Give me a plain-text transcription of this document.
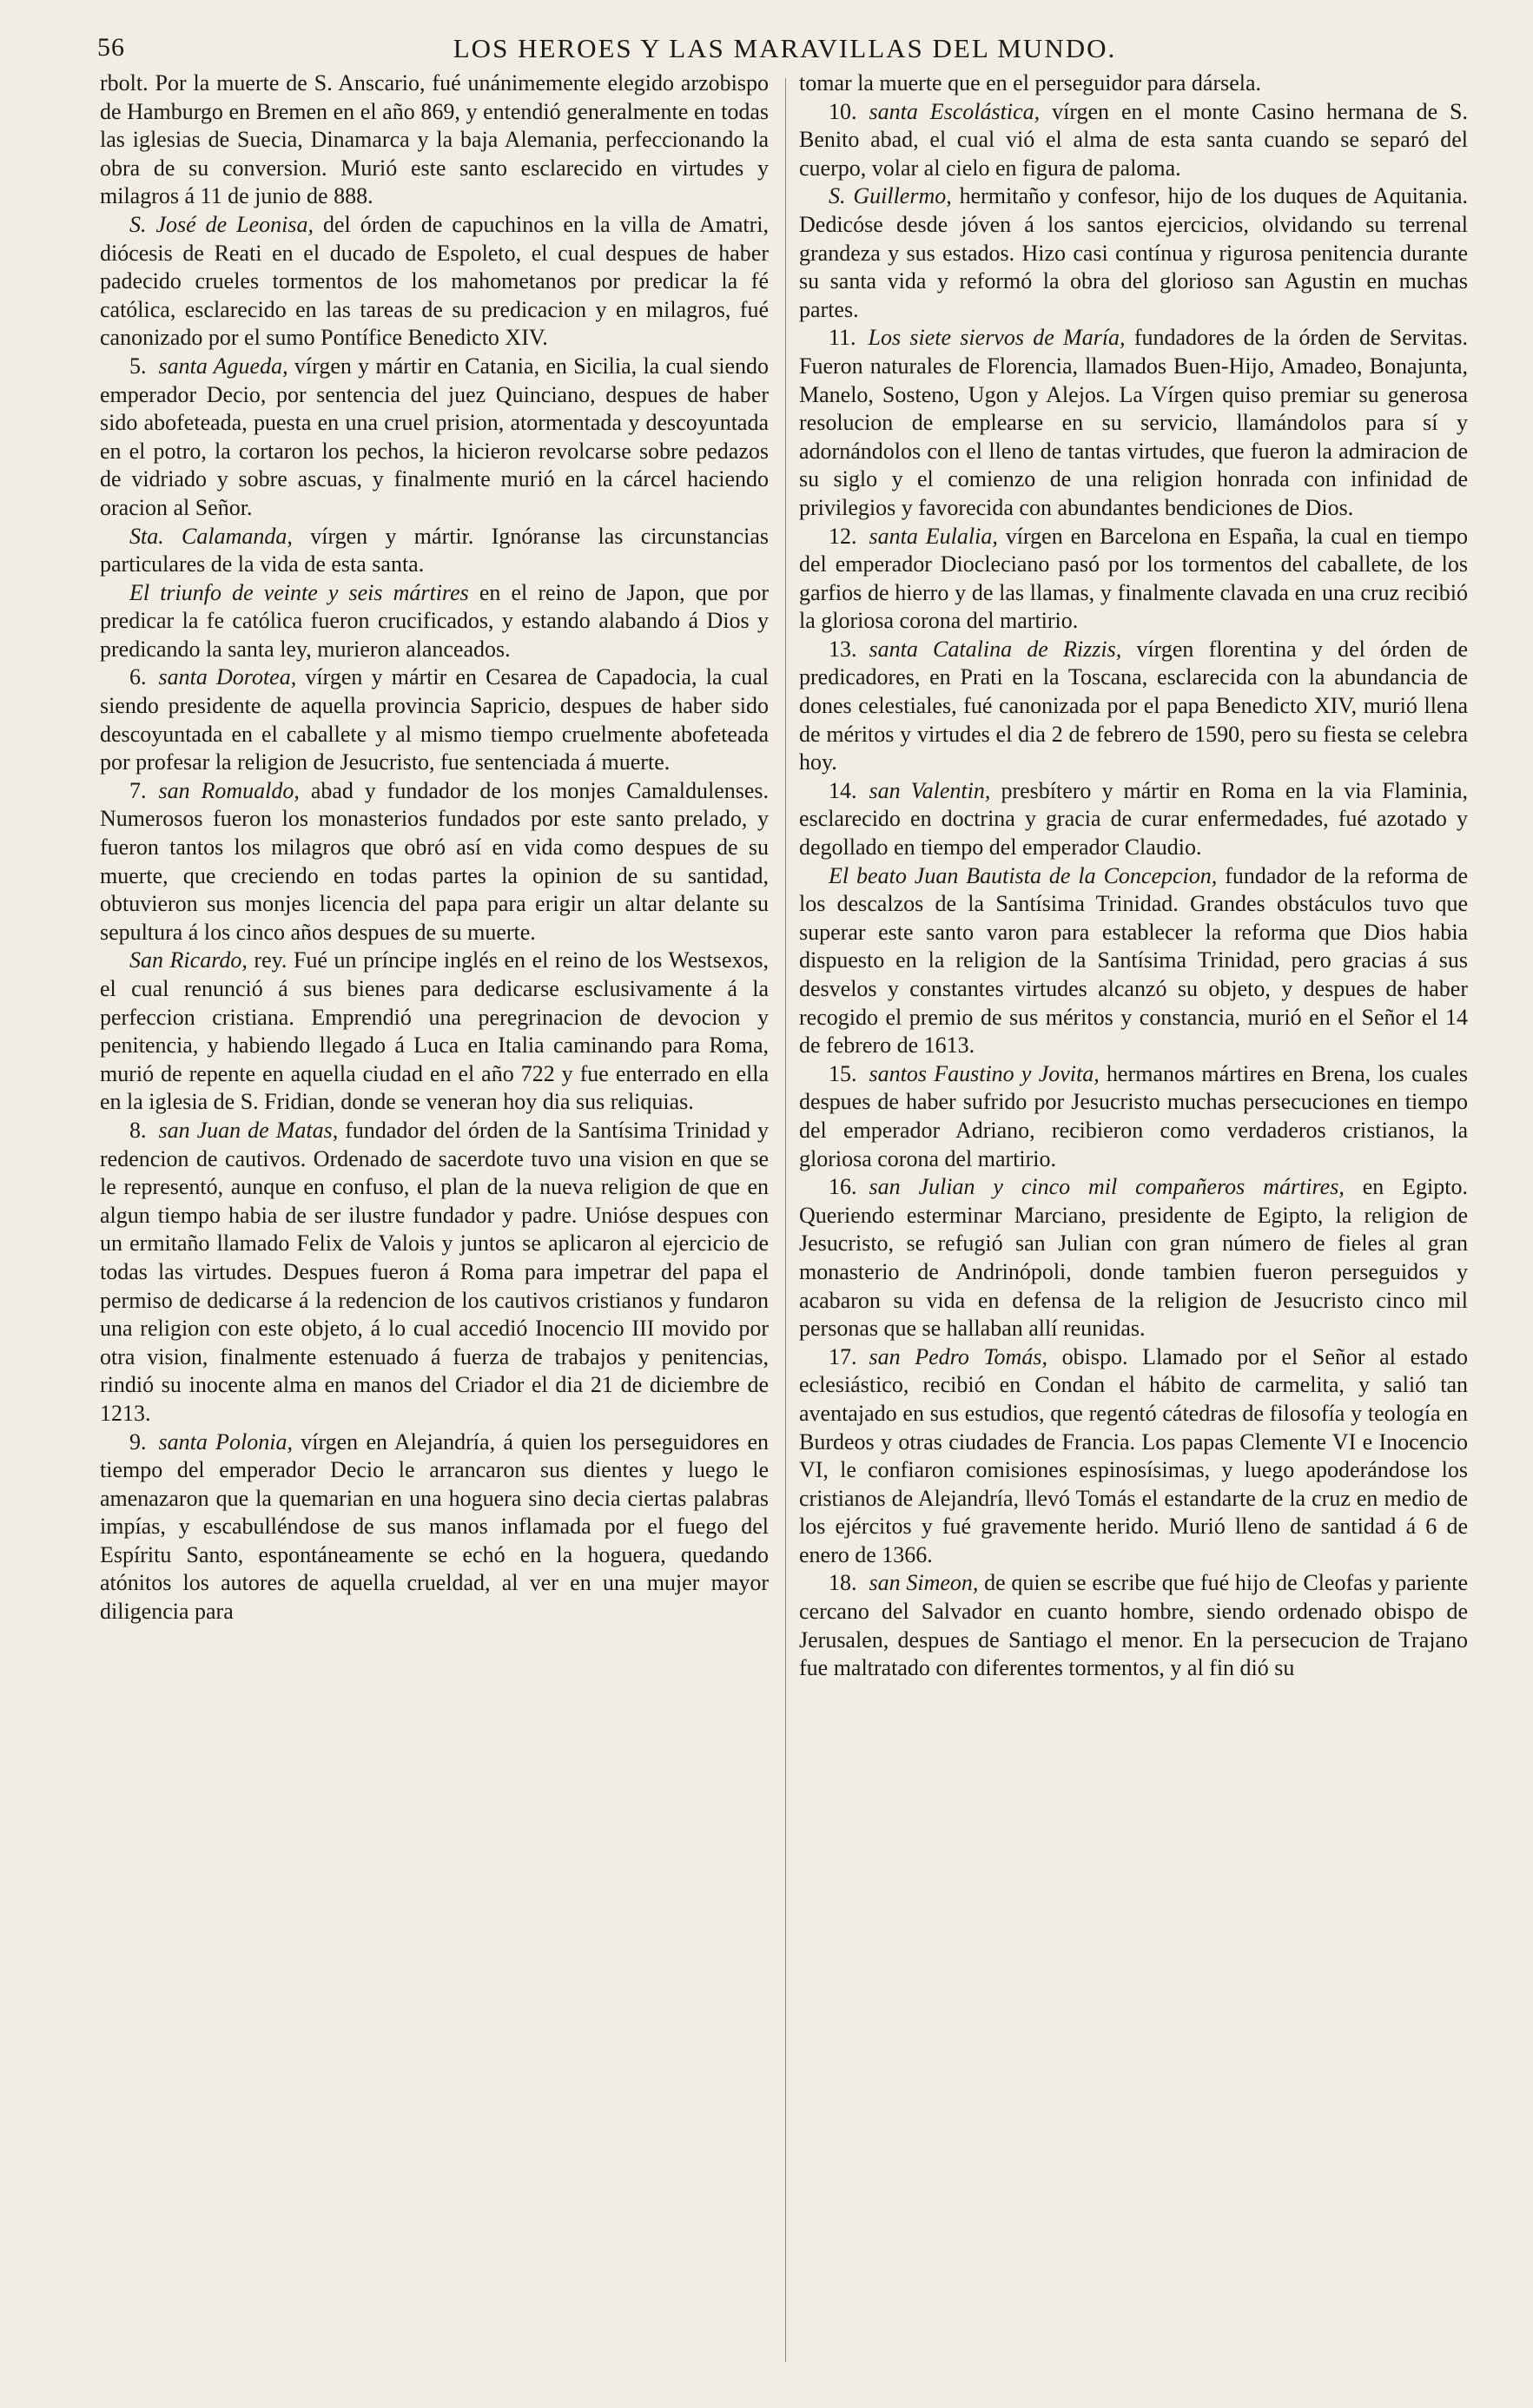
56	LOS HEROES Y LAS MARAVILLAS DEL MUNDO.

rbolt. Por la muerte de S. Anscario, fué unánimemente elegido arzobispo de Hamburgo en Bremen en el año 869, y entendió generalmente en todas las iglesias de Suecia, Dinamarca y la baja Alemania, perfeccionando la obra de su conversion. Murió este santo esclarecido en virtudes y milagros á 11 de junio de 888.

S. José de Leonisa, del órden de capuchinos en la villa de Amatri, diócesis de Reati en el ducado de Espoleto, el cual despues de haber padecido crueles tormentos de los mahometanos por predicar la fé católica, esclarecido en las tareas de su predicacion y en milagros, fué canonizado por el sumo Pontífice Benedicto XIV.

5. santa Agueda, vírgen y mártir en Catania, en Sicilia, la cual siendo emperador Decio, por sentencia del juez Quinciano, despues de haber sido abofeteada, puesta en una cruel prision, atormentada y descoyuntada en el potro, la cortaron los pechos, la hicieron revolcarse sobre pedazos de vidriado y sobre ascuas, y finalmente murió en la cárcel haciendo oracion al Señor.

Sta. Calamanda, vírgen y mártir. Ignóranse las circunstancias particulares de la vida de esta santa.

El triunfo de veinte y seis mártires en el reino de Japon, que por predicar la fe católica fueron crucificados, y estando alabando á Dios y predicando la santa ley, murieron alanceados.

6. santa Dorotea, vírgen y mártir en Cesarea de Capadocia, la cual siendo presidente de aquella provincia Sapricio, despues de haber sido descoyuntada en el caballete y al mismo tiempo cruelmente abofeteada por profesar la religion de Jesucristo, fue sentenciada á muerte.

7. san Romualdo, abad y fundador de los monjes Camaldulenses. Numerosos fueron los monasterios fundados por este santo prelado, y fueron tantos los milagros que obró así en vida como despues de su muerte, que creciendo en todas partes la opinion de su santidad, obtuvieron sus monjes licencia del papa para erigir un altar delante su sepultura á los cinco años despues de su muerte.

San Ricardo, rey. Fué un príncipe inglés en el reino de los Westsexos, el cual renunció á sus bienes para dedicarse esclusivamente á la perfeccion cristiana. Emprendió una peregrinacion de devocion y penitencia, y habiendo llegado á Luca en Italia caminando para Roma, murió de repente en aquella ciudad en el año 722 y fue enterrado en ella en la iglesia de S. Fridian, donde se veneran hoy dia sus reliquias.

8. san Juan de Matas, fundador del órden de la Santísima Trinidad y redencion de cautivos. Ordenado de sacerdote tuvo una vision en que se le representó, aunque en confuso, el plan de la nueva religion de que en algun tiempo habia de ser ilustre fundador y padre. Unióse despues con un ermitaño llamado Felix de Valois y juntos se aplicaron al ejercicio de todas las virtudes. Despues fueron á Roma para impetrar del papa el permiso de dedicarse á la redencion de los cautivos cristianos y fundaron una religion con este objeto, á lo cual accedió Inocencio III movido por otra vision, finalmente estenuado á fuerza de trabajos y penitencias, rindió su inocente alma en manos del Criador el dia 21 de diciembre de 1213.

9. santa Polonia, vírgen en Alejandría, á quien los perseguidores en tiempo del emperador Decio le arrancaron sus dientes y luego le amenazaron que la quemarian en una hoguera sino decia ciertas palabras impías, y escabulléndose de sus manos inflamada por el fuego del Espíritu Santo, espontáneamente se echó en la hoguera, quedando atónitos los autores de aquella crueldad, al ver en una mujer mayor diligencia para

tomar la muerte que en el perseguidor para dársela.

10. santa Escolástica, vírgen en el monte Casino hermana de S. Benito abad, el cual vió el alma de esta santa cuando se separó del cuerpo, volar al cielo en figura de paloma.

S. Guillermo, hermitaño y confesor, hijo de los duques de Aquitania. Dedicóse desde jóven á los santos ejercicios, olvidando su terrenal grandeza y sus estados. Hizo casi contínua y rigurosa penitencia durante su santa vida y reformó la obra del glorioso san Agustin en muchas partes.

11. Los siete siervos de María, fundadores de la órden de Servitas. Fueron naturales de Florencia, llamados Buen-Hijo, Amadeo, Bonajunta, Manelo, Sosteno, Ugon y Alejos. La Vírgen quiso premiar su generosa resolucion de emplearse en su servicio, llamándolos para sí y adornándolos con el lleno de tantas virtudes, que fueron la admiracion de su siglo y el comienzo de una religion honrada con infinidad de privilegios y favorecida con abundantes bendiciones de Dios.

12. santa Eulalia, vírgen en Barcelona en España, la cual en tiempo del emperador Diocleciano pasó por los tormentos del caballete, de los garfios de hierro y de las llamas, y finalmente clavada en una cruz recibió la gloriosa corona del martirio.

13. santa Catalina de Rizzis, vírgen florentina y del órden de predicadores, en Prati en la Toscana, esclarecida con la abundancia de dones celestiales, fué canonizada por el papa Benedicto XIV, murió llena de méritos y virtudes el dia 2 de febrero de 1590, pero su fiesta se celebra hoy.

14. san Valentin, presbítero y mártir en Roma en la via Flaminia, esclarecido en doctrina y gracia de curar enfermedades, fué azotado y degollado en tiempo del emperador Claudio.

El beato Juan Bautista de la Concepcion, fundador de la reforma de los descalzos de la Santísima Trinidad. Grandes obstáculos tuvo que superar este santo varon para establecer la reforma que Dios habia dispuesto en la religion de la Santísima Trinidad, pero gracias á sus desvelos y constantes virtudes alcanzó su objeto, y despues de haber recogido el premio de sus méritos y constancia, murió en el Señor el 14 de febrero de 1613.

15. santos Faustino y Jovita, hermanos mártires en Brena, los cuales despues de haber sufrido por Jesucristo muchas persecuciones en tiempo del emperador Adriano, recibieron como verdaderos cristianos, la gloriosa corona del martirio.

16. san Julian y cinco mil compañeros mártires, en Egipto. Queriendo esterminar Marciano, presidente de Egipto, la religion de Jesucristo, se refugió san Julian con gran número de fieles al gran monasterio de Andrinópoli, donde tambien fueron perseguidos y acabaron su vida en defensa de la religion de Jesucristo cinco mil personas que se hallaban allí reunidas.

17. san Pedro Tomás, obispo. Llamado por el Señor al estado eclesiástico, recibió en Condan el hábito de carmelita, y salió tan aventajado en sus estudios, que regentó cátedras de filosofía y teología en Burdeos y otras ciudades de Francia. Los papas Clemente VI e Inocencio VI, le confiaron comisiones espinosísimas, y luego apoderándose los cristianos de Alejandría, llevó Tomás el estandarte de la cruz en medio de los ejércitos y fué gravemente herido. Murió lleno de santidad á 6 de enero de 1366.

18. san Simeon, de quien se escribe que fué hijo de Cleofas y pariente cercano del Salvador en cuanto hombre, siendo ordenado obispo de Jerusalen, despues de Santiago el menor. En la persecucion de Trajano fue maltratado con diferentes tormentos, y al fin dió su
